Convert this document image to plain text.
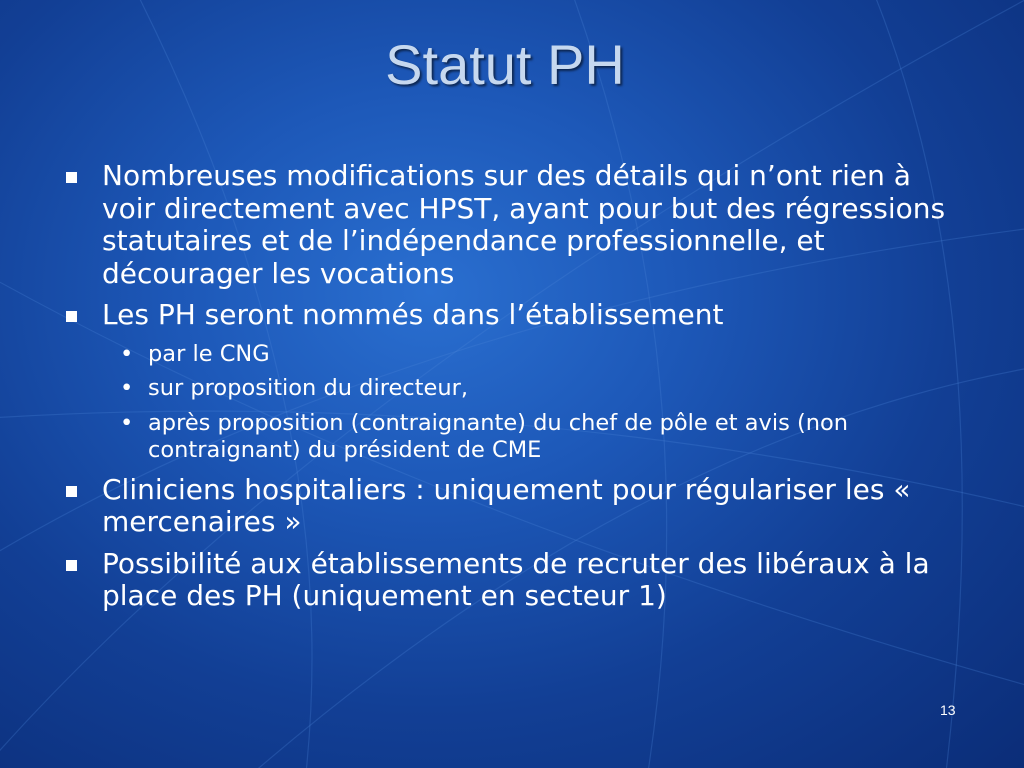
Statut PH
Nombreuses modifications sur des détails qui n’ont rien à voir directement avec HPST, ayant pour but des régressions statutaires et de l’indépendance professionnelle, et décourager les vocations
Les PH seront nommés dans l’établissement
• par le CNG
• sur proposition du directeur,
• après proposition (contraignante) du chef de pôle et avis (non contraignant) du président de CME
Cliniciens hospitaliers : uniquement pour régulariser les « mercenaires »
Possibilité aux établissements de recruter des libéraux à la place des PH (uniquement en secteur 1)
13
